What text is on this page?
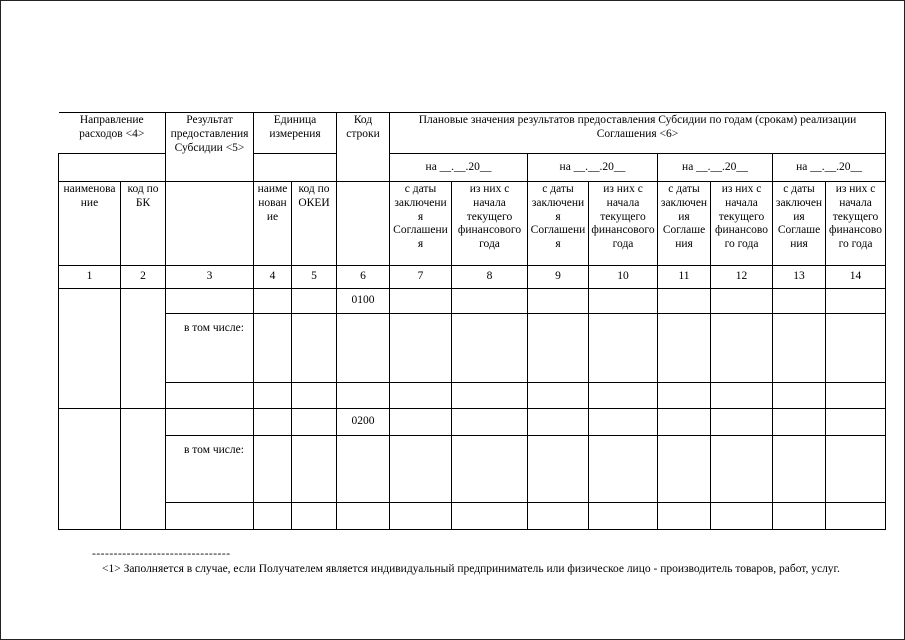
Направление расходов <4>		Результат предоставления Субсидии <5>	Единица измерения		Код строки	Плановые значения результатов предоставления Субсидии по годам (срокам) реализации Соглашения <6>							
						на __.__.20__		на __.__.20__		на __.__.20__		на __.__.20__	

наименование	код по БК		наименование	код по ОКЕИ		с даты заключения Соглашения	из них с начала текущего финансового года	с даты заключения Соглашения	из них с начала текущего финансового года	с даты заключения Соглашения	из них с начала текущего финансового года	с даты заключения Соглашения	из них с начала текущего финансового года
1	2	3	4	5	6	7	8	9	10	11	12	13	14
					0100								
		в том числе:											

					0200								
		в том числе:											

--------------------------------
<1> Заполняется в случае, если Получателем является индивидуальный предприниматель или физическое лицо - производитель товаров, работ, услуг.
